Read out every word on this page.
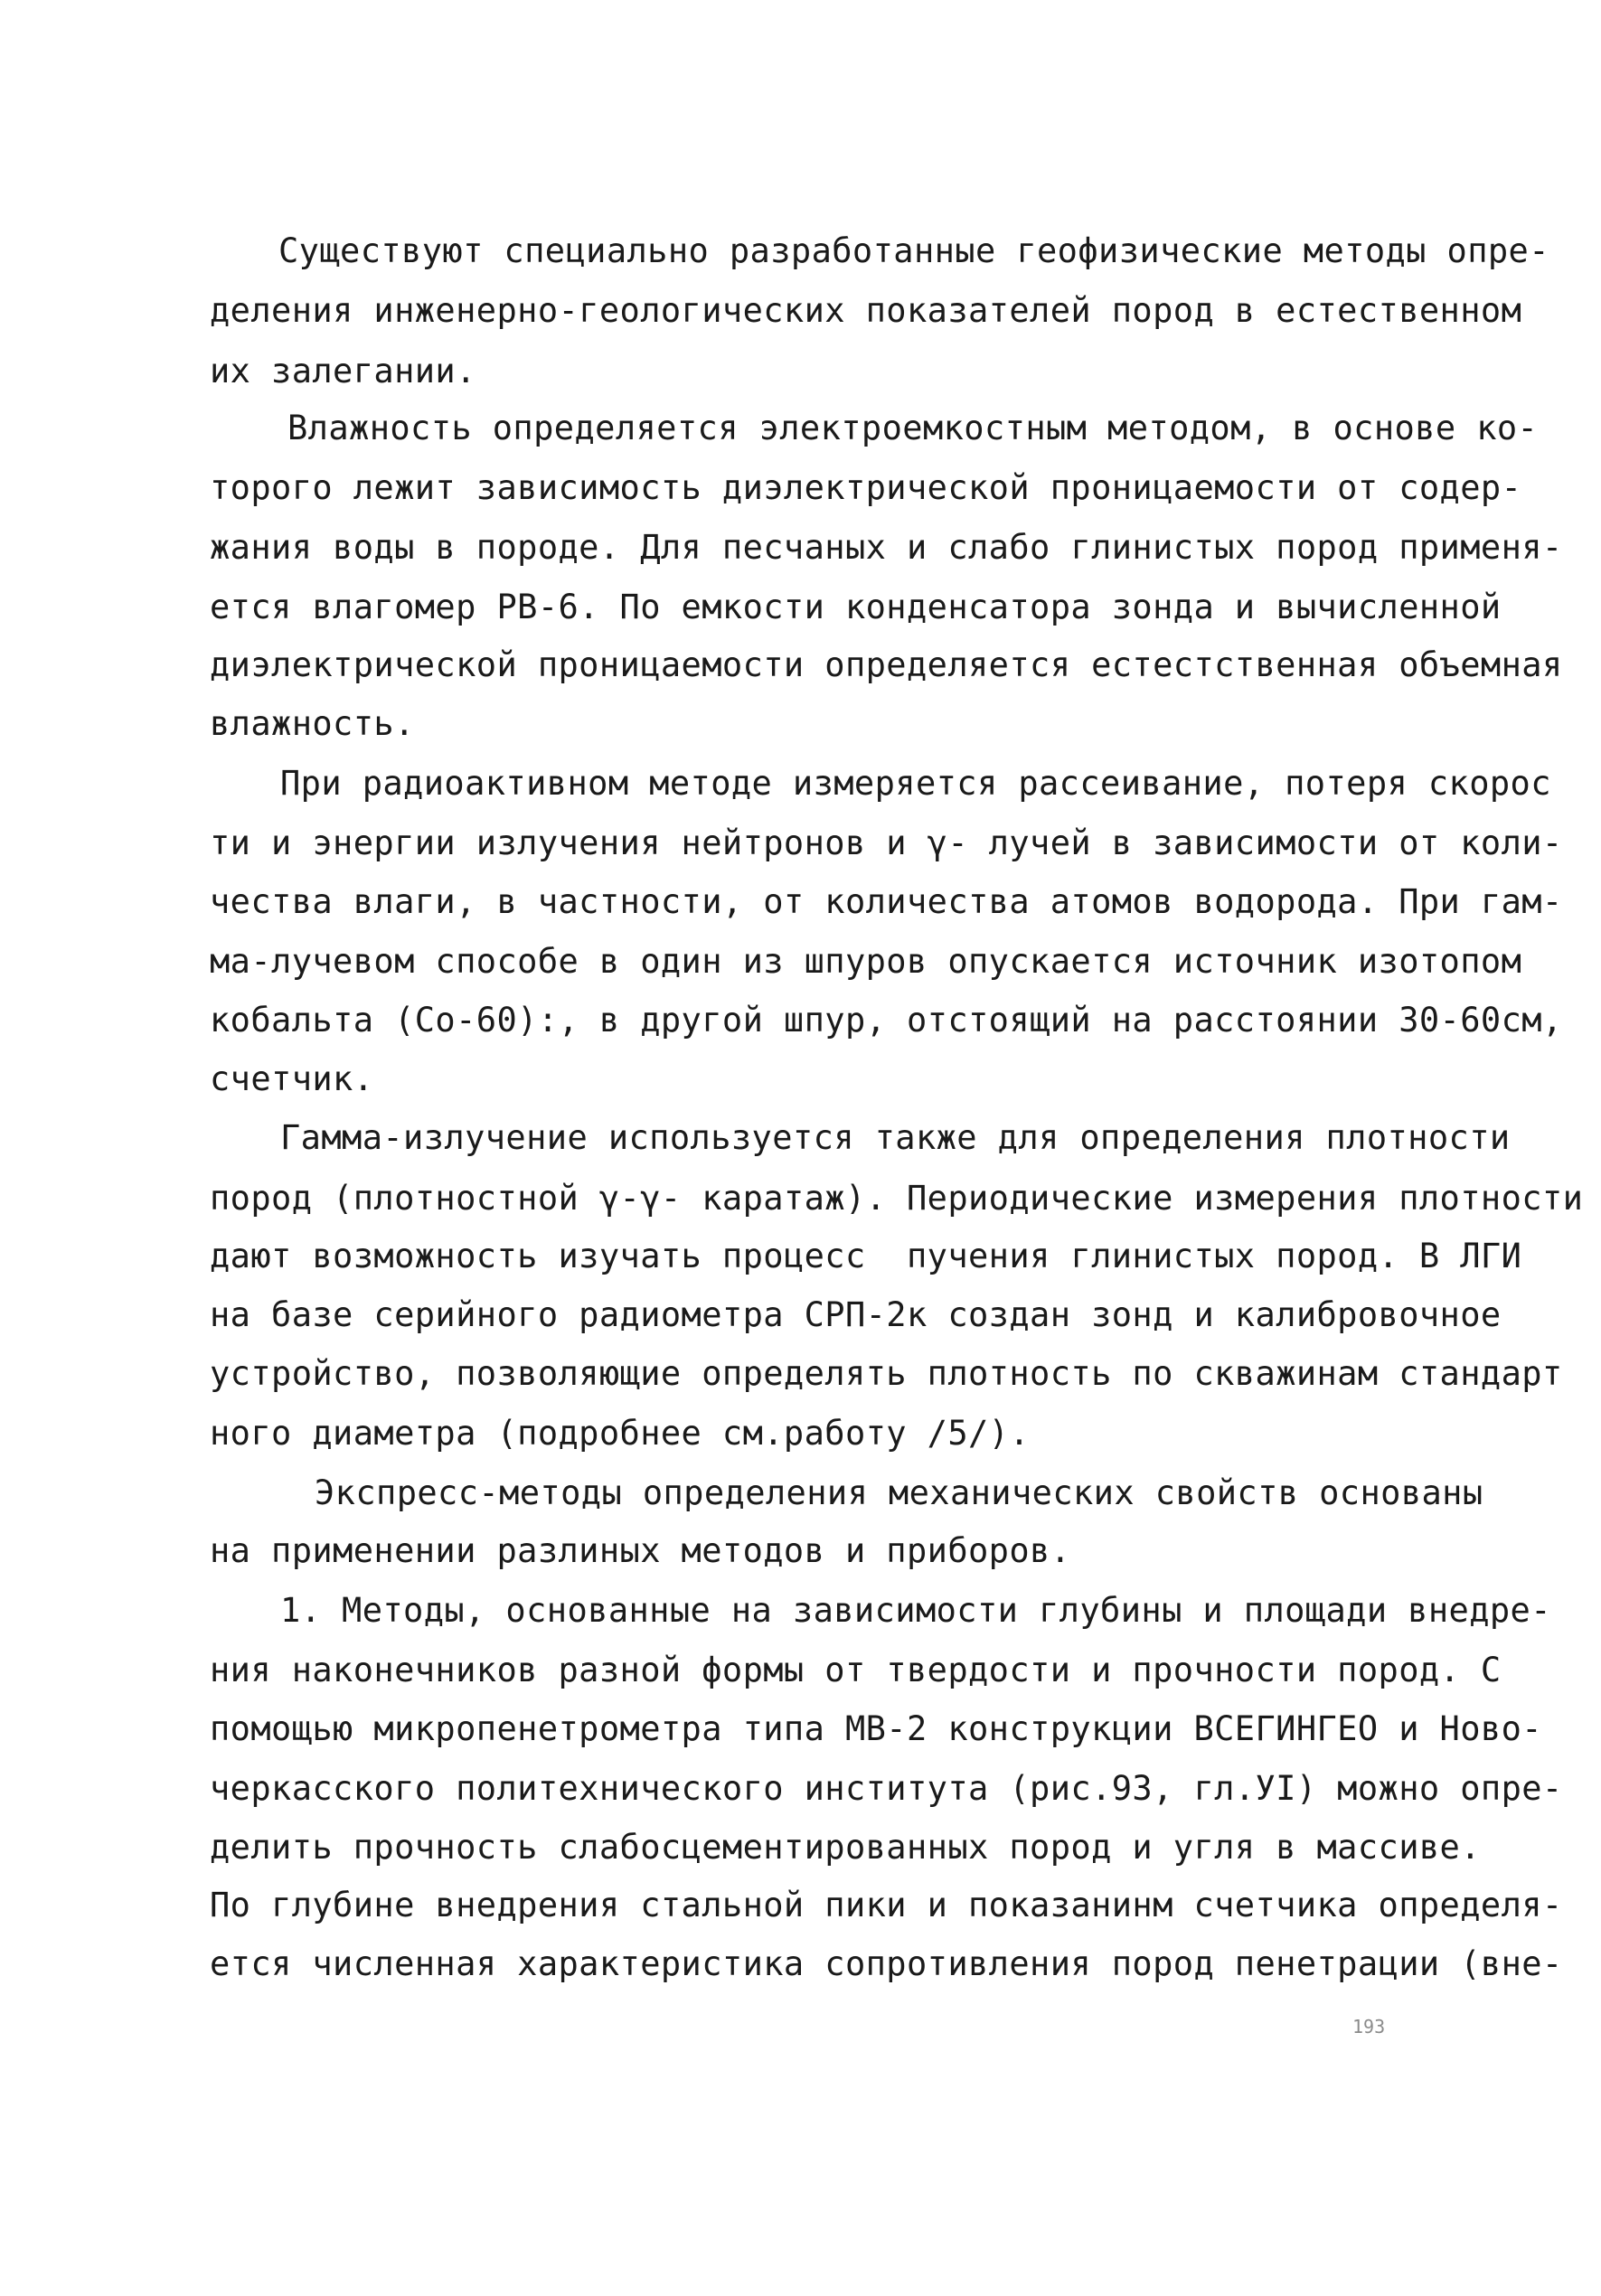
Существуют специально разработанные геофизические методы опре-
деления инженерно-геологических показателей пород в естественном
их залегании.
Влажность определяется электроемкостным методом, в основе ко-
торого лежит зависимость диэлектрической проницаемости от содер-
жания воды в породе. Для песчаных и слабо глинистых пород применя-
ется влагомер РВ-6. По емкости конденсатора зонда и вычисленной
диэлектрической проницаемости определяется естестственная объемная
влажность.
При радиоактивном методе измеряется рассеивание, потеря скорос
ти и энергии излучения нейтронов и γ- лучей в зависимости от коли-
чества влаги, в частности, от количества атомов водорода. При гам-
ма-лучевом способе в один из шпуров опускается источник изотопом
кобальта (Со-60):, в другой шпур, отстоящий на расстоянии 30-60см,
счетчик.
Гамма-излучение используется также для определения плотности
пород (плотностной γ-γ- каратаж). Периодические измерения плотности
дают возможность изучать процесс  пучения глинистых пород. В ЛГИ
на базе серийного радиометра СРП-2к создан зонд и калибровочное
устройство, позволяющие определять плотность по скважинам стандарт
ного диаметра (подробнее см.работу /5/).
Экспресс-методы определения механических свойств основаны
на применении разлиных методов и приборов.
1. Методы, основанные на зависимости глубины и площади внедре-
ния наконечников разной формы от твердости и прочности пород. С
помощью микропенетрометра типа МВ-2 конструкции ВСЕГИНГЕО и Ново-
черкасского политехнического института (рис.93, гл.УI) можно опре-
делить прочность слабосцементированных пород и угля в массиве.
По глубине внедрения стальной пики и показанинм счетчика определя-
ется численная характеристика сопротивления пород пенетрации (вне-
193
